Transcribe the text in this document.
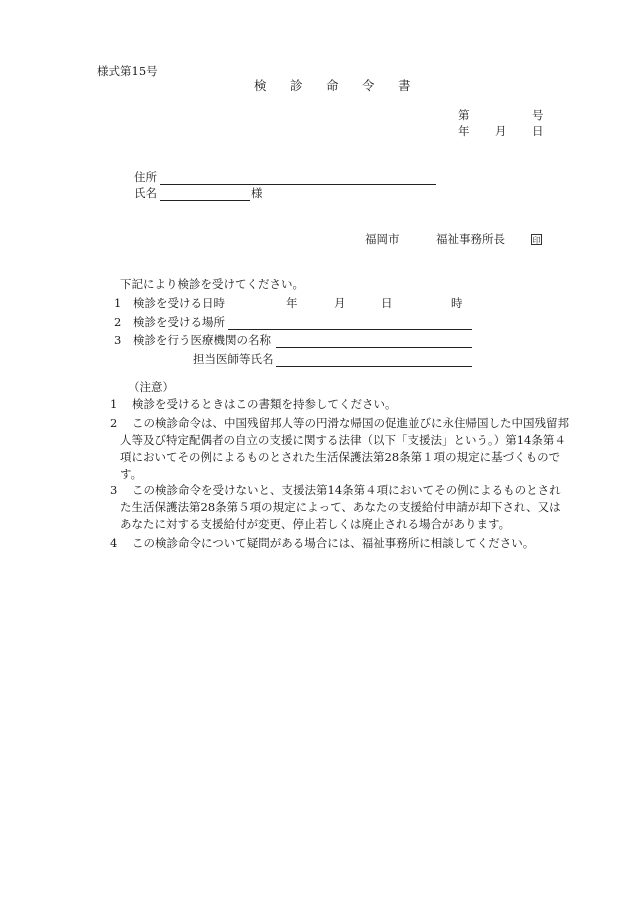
様式第15号
検	診	命	令	書
第	号
年	月	日
住所
氏名	様
福岡市	福祉事務所長	印
下記により検診を受けてください。
1 検診を受ける日時	年	月	日	時
2 検診を受ける場所
3 検診を行う医療機関の名称
担当医師等氏名
（注意）
1	検診を受けるときはこの書類を持参してください。
2	この検診命令は、中国残留邦人等の円滑な帰国の促進並びに永住帰国した中国残留邦人等及び特定配偶者の自立の支援に関する法律（以下「支援法」という。）第14条第４項においてその例によるものとされた生活保護法第28条第１項の規定に基づくものです。
3	この検診命令を受けないと、支援法第14条第４項においてその例によるものとされた生活保護法第28条第５項の規定によって、あなたの支援給付申請が却下され、又はあなたに対する支援給付が変更、停止若しくは廃止される場合があります。
4	この検診命令について疑問がある場合には、福祉事務所に相談してください。
